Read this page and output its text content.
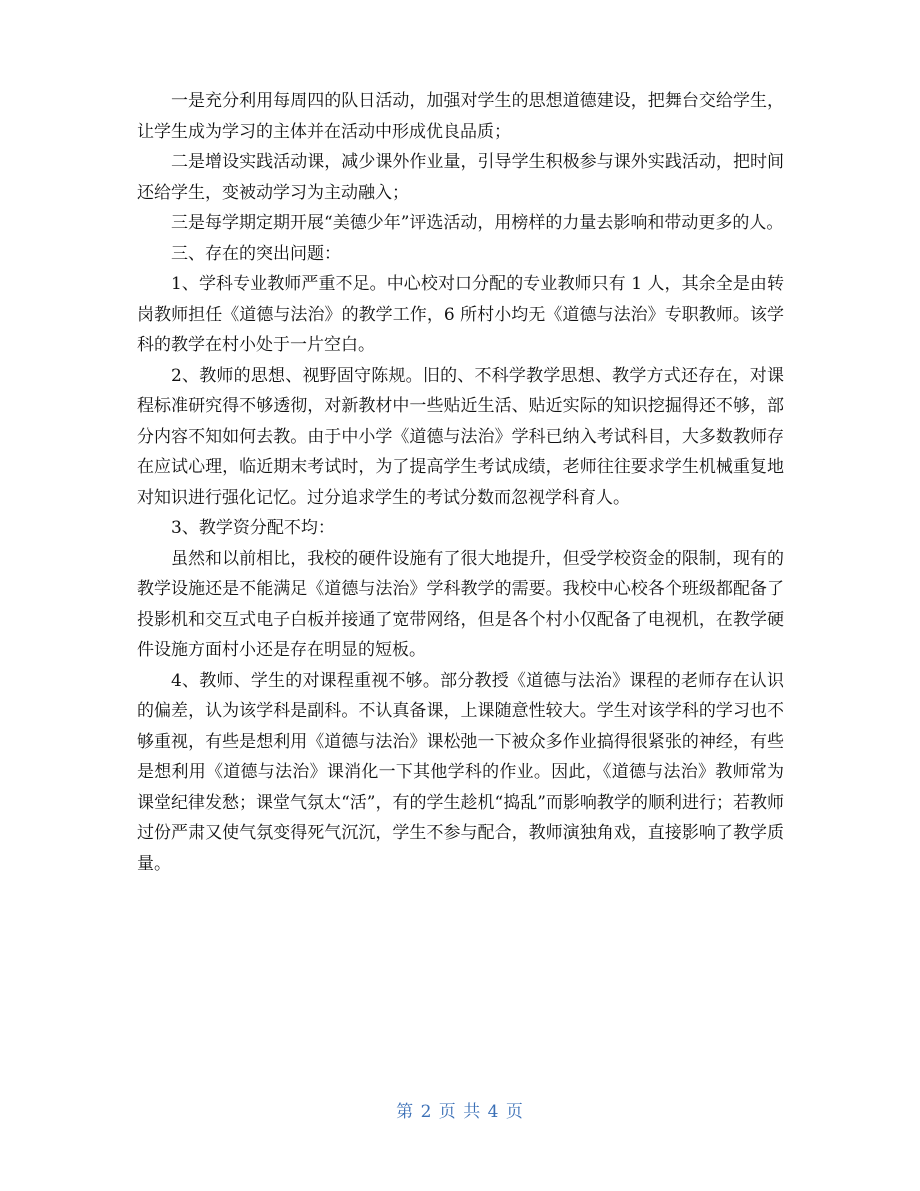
一是充分利用每周四的队日活动，加强对学生的思想道德建设，把舞台交给学生，让学生成为学习的主体并在活动中形成优良品质；

二是增设实践活动课，减少课外作业量，引导学生积极参与课外实践活动，把时间还给学生，变被动学习为主动融入；

三是每学期定期开展“美德少年”评选活动，用榜样的力量去影响和带动更多的人。

三、存在的突出问题：

1、学科专业教师严重不足。中心校对口分配的专业教师只有 1 人，其余全是由转岗教师担任《道德与法治》的教学工作，6 所村小均无《道德与法治》专职教师。该学科的教学在村小处于一片空白。

2、教师的思想、视野固守陈规。旧的、不科学教学思想、教学方式还存在，对课程标准研究得不够透彻，对新教材中一些贴近生活、贴近实际的知识挖掘得还不够，部分内容不知如何去教。由于中小学《道德与法治》学科已纳入考试科目，大多数教师存在应试心理，临近期末考试时，为了提高学生考试成绩，老师往往要求学生机械重复地对知识进行强化记忆。过分追求学生的考试分数而忽视学科育人。

3、教学资分配不均：

虽然和以前相比，我校的硬件设施有了很大地提升，但受学校资金的限制，现有的教学设施还是不能满足《道德与法治》学科教学的需要。我校中心校各个班级都配备了投影机和交互式电子白板并接通了宽带网络，但是各个村小仅配备了电视机，在教学硬件设施方面村小还是存在明显的短板。

4、教师、学生的对课程重视不够。部分教授《道德与法治》课程的老师存在认识的偏差，认为该学科是副科。不认真备课，上课随意性较大。学生对该学科的学习也不够重视，有些是想利用《道德与法治》课松弛一下被众多作业搞得很紧张的神经，有些是想利用《道德与法治》课消化一下其他学科的作业。因此，《道德与法治》教师常为课堂纪律发愁；课堂气氛太“活”，有的学生趁机“捣乱”而影响教学的顺利进行；若教师过份严肃又使气氛变得死气沉沉，学生不参与配合，教师演独角戏，直接影响了教学质量。

第 2 页 共 4 页
